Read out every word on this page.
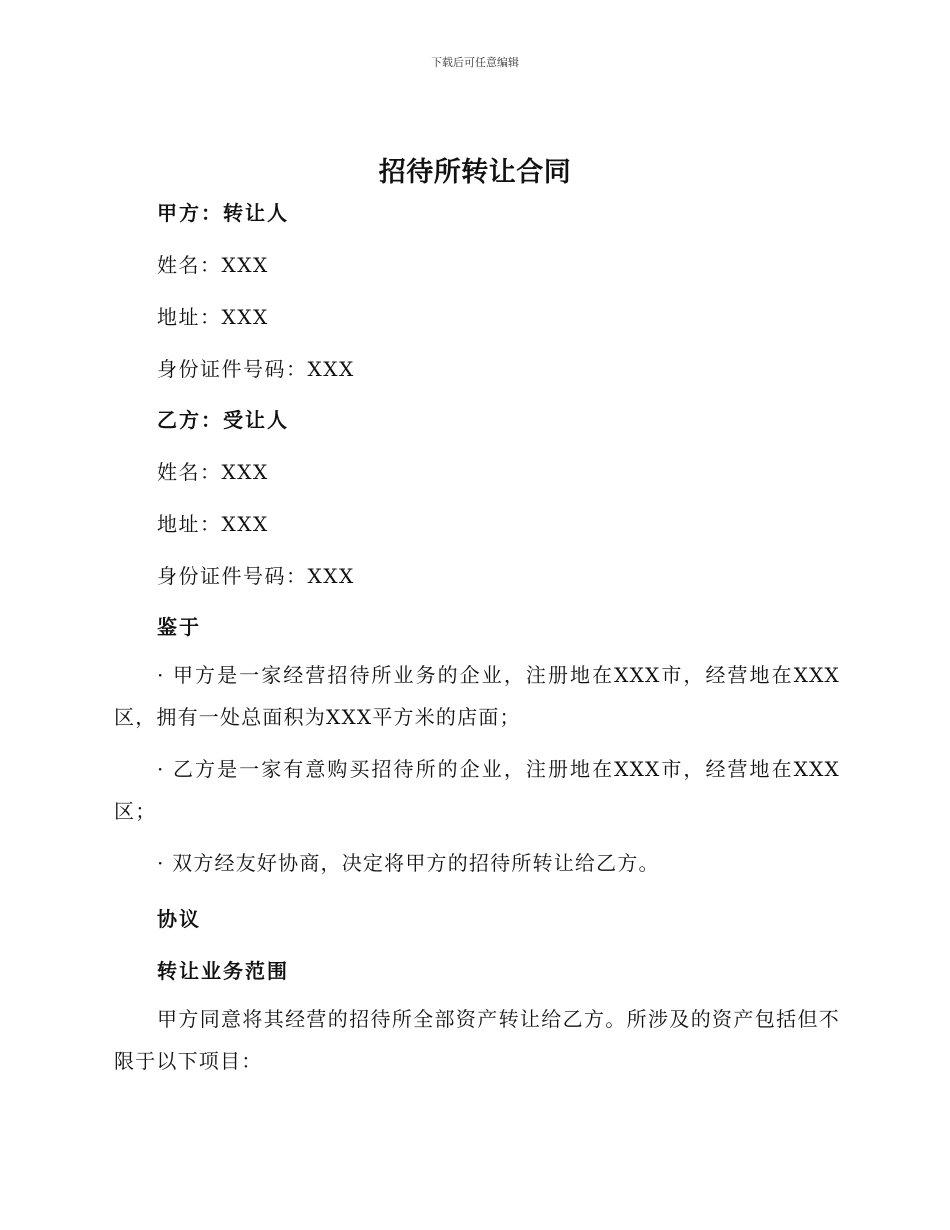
下载后可任意编辑
招待所转让合同
甲方：转让人
姓名：XXX
地址：XXX
身份证件号码：XXX
乙方：受让人
姓名：XXX
地址：XXX
身份证件号码：XXX
鉴于
· 甲方是一家经营招待所业务的企业，注册地在XXX市，经营地在XXX区，拥有一处总面积为XXX平方米的店面；
· 乙方是一家有意购买招待所的企业，注册地在XXX市，经营地在XXX区；
· 双方经友好协商，决定将甲方的招待所转让给乙方。
协议
转让业务范围
甲方同意将其经营的招待所全部资产转让给乙方。所涉及的资产包括但不限于以下项目：
